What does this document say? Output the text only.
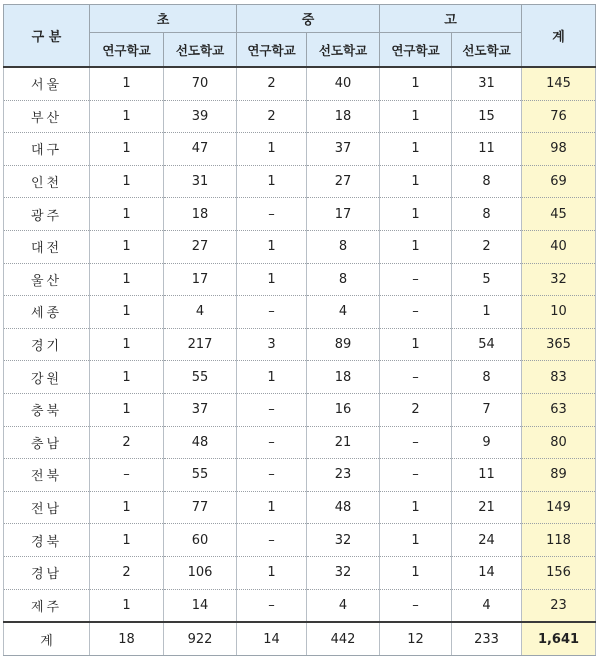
구 분	초		중		고		계
	연구학교	선도학교	연구학교	선도학교	연구학교	선도학교	
서울	1	70	2	40	1	31	145
부산	1	39	2	18	1	15	76
대구	1	47	1	37	1	11	98
인천	1	31	1	27	1	8	69
광주	1	18	–	17	1	8	45
대전	1	27	1	8	1	2	40
울산	1	17	1	8	–	5	32
세종	1	4	–	4	–	1	10
경기	1	217	3	89	1	54	365
강원	1	55	1	18	–	8	83
충북	1	37	–	16	2	7	63
충남	2	48	–	21	–	9	80
전북	–	55	–	23	–	11	89
전남	1	77	1	48	1	21	149
경북	1	60	–	32	1	24	118
경남	2	106	1	32	1	14	156
제주	1	14	–	4	–	4	23
계	18	922	14	442	12	233	1,641
